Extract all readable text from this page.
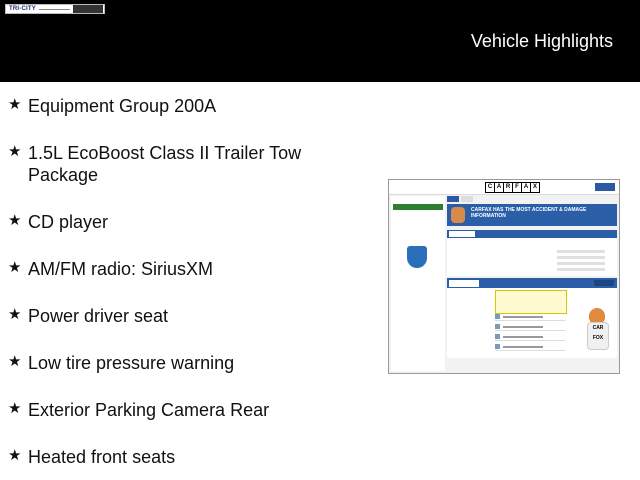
TRI-CITY
Vehicle Highlights
★ Equipment Group 200A
★ 1.5L EcoBoost Class II Trailer Tow Package
★ CD player
★ AM/FM radio: SiriusXM
★ Power driver seat
★ Low tire pressure warning
★ Exterior Parking Camera Rear
★ Heated front seats
C A R F A X
CARFAX HAS THE MOST ACCIDENT & DAMAGE INFORMATION
CAR FOX
